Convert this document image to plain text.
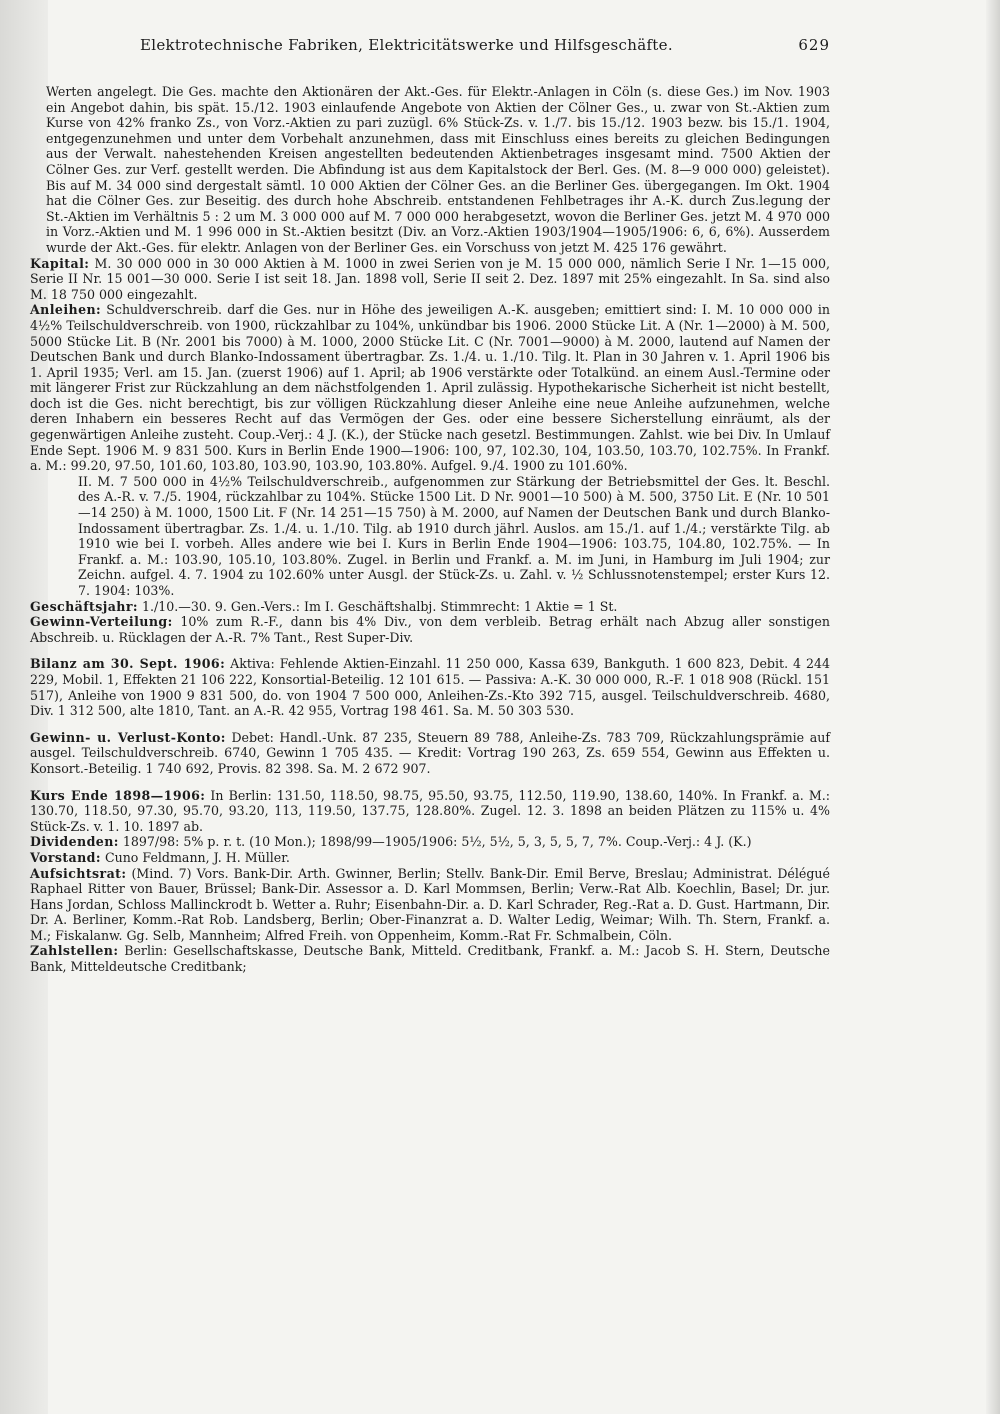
Elektrotechnische Fabriken, Elektricitätswerke und Hilfsgeschäfte.	629

Werten angelegt. Die Ges. machte den Aktionären der Akt.-Ges. für Elektr.-Anlagen in Cöln (s. diese Ges.) im Nov. 1903 ein Angebot dahin, bis spät. 15./12. 1903 einlaufende Angebote von Aktien der Cölner Ges., u. zwar von St.-Aktien zum Kurse von 42% franko Zs., von Vorz.-Aktien zu pari zuzügl. 6% Stück-Zs. v. 1./7. bis 15./12. 1903 bezw. bis 15./1. 1904, entgegenzunehmen und unter dem Vorbehalt anzunehmen, dass mit Einschluss eines bereits zu gleichen Bedingungen aus der Verwalt. nahestehenden Kreisen angestellten bedeutenden Aktienbetrages insgesamt mind. 7500 Aktien der Cölner Ges. zur Verf. gestellt werden. Die Abfindung ist aus dem Kapitalstock der Berl. Ges. (M. 8—9 000 000) geleistet). Bis auf M. 34 000 sind dergestalt sämtl. 10 000 Aktien der Cölner Ges. an die Berliner Ges. übergegangen. Im Okt. 1904 hat die Cölner Ges. zur Beseitig. des durch hohe Abschreib. entstandenen Fehlbetrages ihr A.-K. durch Zus.legung der St.-Aktien im Verhältnis 5 : 2 um M. 3 000 000 auf M. 7 000 000 herabgesetzt, wovon die Berliner Ges. jetzt M. 4 970 000 in Vorz.-Aktien und M. 1 996 000 in St.-Aktien besitzt (Div. an Vorz.-Aktien 1903/1904—1905/1906: 6, 6, 6%). Ausserdem wurde der Akt.-Ges. für elektr. Anlagen von der Berliner Ges. ein Vorschuss von jetzt M. 425 176 gewährt.

Kapital: M. 30 000 000 in 30 000 Aktien à M. 1000 in zwei Serien von je M. 15 000 000, nämlich Serie I Nr. 1—15 000, Serie II Nr. 15 001—30 000. Serie I ist seit 18. Jan. 1898 voll, Serie II seit 2. Dez. 1897 mit 25% eingezahlt. In Sa. sind also M. 18 750 000 eingezahlt.

Anleihen: Schuldverschreib. darf die Ges. nur in Höhe des jeweiligen A.-K. ausgeben; emittiert sind: I. M. 10 000 000 in 4½% Teilschuldverschreib. von 1900, rückzahlbar zu 104%, unkündbar bis 1906. 2000 Stücke Lit. A (Nr. 1—2000) à M. 500, 5000 Stücke Lit. B (Nr. 2001 bis 7000) à M. 1000, 2000 Stücke Lit. C (Nr. 7001—9000) à M. 2000, lautend auf Namen der Deutschen Bank und durch Blanko-Indossament übertragbar. Zs. 1./4. u. 1./10. Tilg. lt. Plan in 30 Jahren v. 1. April 1906 bis 1. April 1935; Verl. am 15. Jan. (zuerst 1906) auf 1. April; ab 1906 verstärkte oder Totalkünd. an einem Ausl.-Termine oder mit längerer Frist zur Rückzahlung an dem nächstfolgenden 1. April zulässig. Hypothekarische Sicherheit ist nicht bestellt, doch ist die Ges. nicht berechtigt, bis zur völligen Rückzahlung dieser Anleihe eine neue Anleihe aufzunehmen, welche deren Inhabern ein besseres Recht auf das Vermögen der Ges. oder eine bessere Sicherstellung einräumt, als der gegenwärtigen Anleihe zusteht. Coup.-Verj.: 4 J. (K.), der Stücke nach gesetzl. Bestimmungen. Zahlst. wie bei Div. In Umlauf Ende Sept. 1906 M. 9 831 500. Kurs in Berlin Ende 1900—1906: 100, 97, 102.30, 104, 103.50, 103.70, 102.75%. In Frankf. a. M.: 99.20, 97.50, 101.60, 103.80, 103.90, 103.90, 103.80%. Aufgel. 9./4. 1900 zu 101.60%.

II. M. 7 500 000 in 4½% Teilschuldverschreib., aufgenommen zur Stärkung der Betriebsmittel der Ges. lt. Beschl. des A.-R. v. 7./5. 1904, rückzahlbar zu 104%. Stücke 1500 Lit. D Nr. 9001—10 500) à M. 500, 3750 Lit. E (Nr. 10 501—14 250) à M. 1000, 1500 Lit. F (Nr. 14 251—15 750) à M. 2000, auf Namen der Deutschen Bank und durch Blanko-Indossament übertragbar. Zs. 1./4. u. 1./10. Tilg. ab 1910 durch jährl. Auslos. am 15./1. auf 1./4.; verstärkte Tilg. ab 1910 wie bei I. vorbeh. Alles andere wie bei I. Kurs in Berlin Ende 1904—1906: 103.75, 104.80, 102.75%. — In Frankf. a. M.: 103.90, 105.10, 103.80%. Zugel. in Berlin und Frankf. a. M. im Juni, in Hamburg im Juli 1904; zur Zeichn. aufgel. 4. 7. 1904 zu 102.60% unter Ausgl. der Stück-Zs. u. Zahl. v. ½ Schlussnotenstempel; erster Kurs 12. 7. 1904: 103%.

Geschäftsjahr: 1./10.—30. 9. Gen.-Vers.: Im I. Geschäftshalbj. Stimmrecht: 1 Aktie = 1 St.

Gewinn-Verteilung: 10% zum R.-F., dann bis 4% Div., von dem verbleib. Betrag erhält nach Abzug aller sonstigen Abschreib. u. Rücklagen der A.-R. 7% Tant., Rest Super-Div.

Bilanz am 30. Sept. 1906: Aktiva: Fehlende Aktien-Einzahl. 11 250 000, Kassa 639, Bankguth. 1 600 823, Debit. 4 244 229, Mobil. 1, Effekten 21 106 222, Konsortial-Beteilig. 12 101 615. — Passiva: A.-K. 30 000 000, R.-F. 1 018 908 (Rückl. 151 517), Anleihe von 1900 9 831 500, do. von 1904 7 500 000, Anleihen-Zs.-Kto 392 715, ausgel. Teilschuldverschreib. 4680, Div. 1 312 500, alte 1810, Tant. an A.-R. 42 955, Vortrag 198 461. Sa. M. 50 303 530.

Gewinn- u. Verlust-Konto: Debet: Handl.-Unk. 87 235, Steuern 89 788, Anleihe-Zs. 783 709, Rückzahlungsprämie auf ausgel. Teilschuldverschreib. 6740, Gewinn 1 705 435. — Kredit: Vortrag 190 263, Zs. 659 554, Gewinn aus Effekten u. Konsort.-Beteilig. 1 740 692, Provis. 82 398. Sa. M. 2 672 907.

Kurs Ende 1898—1906: In Berlin: 131.50, 118.50, 98.75, 95.50, 93.75, 112.50, 119.90, 138.60, 140%. In Frankf. a. M.: 130.70, 118.50, 97.30, 95.70, 93.20, 113, 119.50, 137.75, 128.80%. Zugel. 12. 3. 1898 an beiden Plätzen zu 115% u. 4% Stück-Zs. v. 1. 10. 1897 ab.

Dividenden: 1897/98: 5% p. r. t. (10 Mon.); 1898/99—1905/1906: 5½, 5½, 5, 3, 5, 5, 7, 7%. Coup.-Verj.: 4 J. (K.)

Vorstand: Cuno Feldmann, J. H. Müller.

Aufsichtsrat: (Mind. 7) Vors. Bank-Dir. Arth. Gwinner, Berlin; Stellv. Bank-Dir. Emil Berve, Breslau; Administrat. Délégué Raphael Ritter von Bauer, Brüssel; Bank-Dir. Assessor a. D. Karl Mommsen, Berlin; Verw.-Rat Alb. Koechlin, Basel; Dr. jur. Hans Jordan, Schloss Mallinckrodt b. Wetter a. Ruhr; Eisenbahn-Dir. a. D. Karl Schrader, Reg.-Rat a. D. Gust. Hartmann, Dir. Dr. A. Berliner, Komm.-Rat Rob. Landsberg, Berlin; Ober-Finanzrat a. D. Walter Ledig, Weimar; Wilh. Th. Stern, Frankf. a. M.; Fiskalanw. Gg. Selb, Mannheim; Alfred Freih. von Oppenheim, Komm.-Rat Fr. Schmalbein, Cöln.

Zahlstellen: Berlin: Gesellschaftskasse, Deutsche Bank, Mitteld. Creditbank, Frankf. a. M.: Jacob S. H. Stern, Deutsche Bank, Mitteldeutsche Creditbank;
